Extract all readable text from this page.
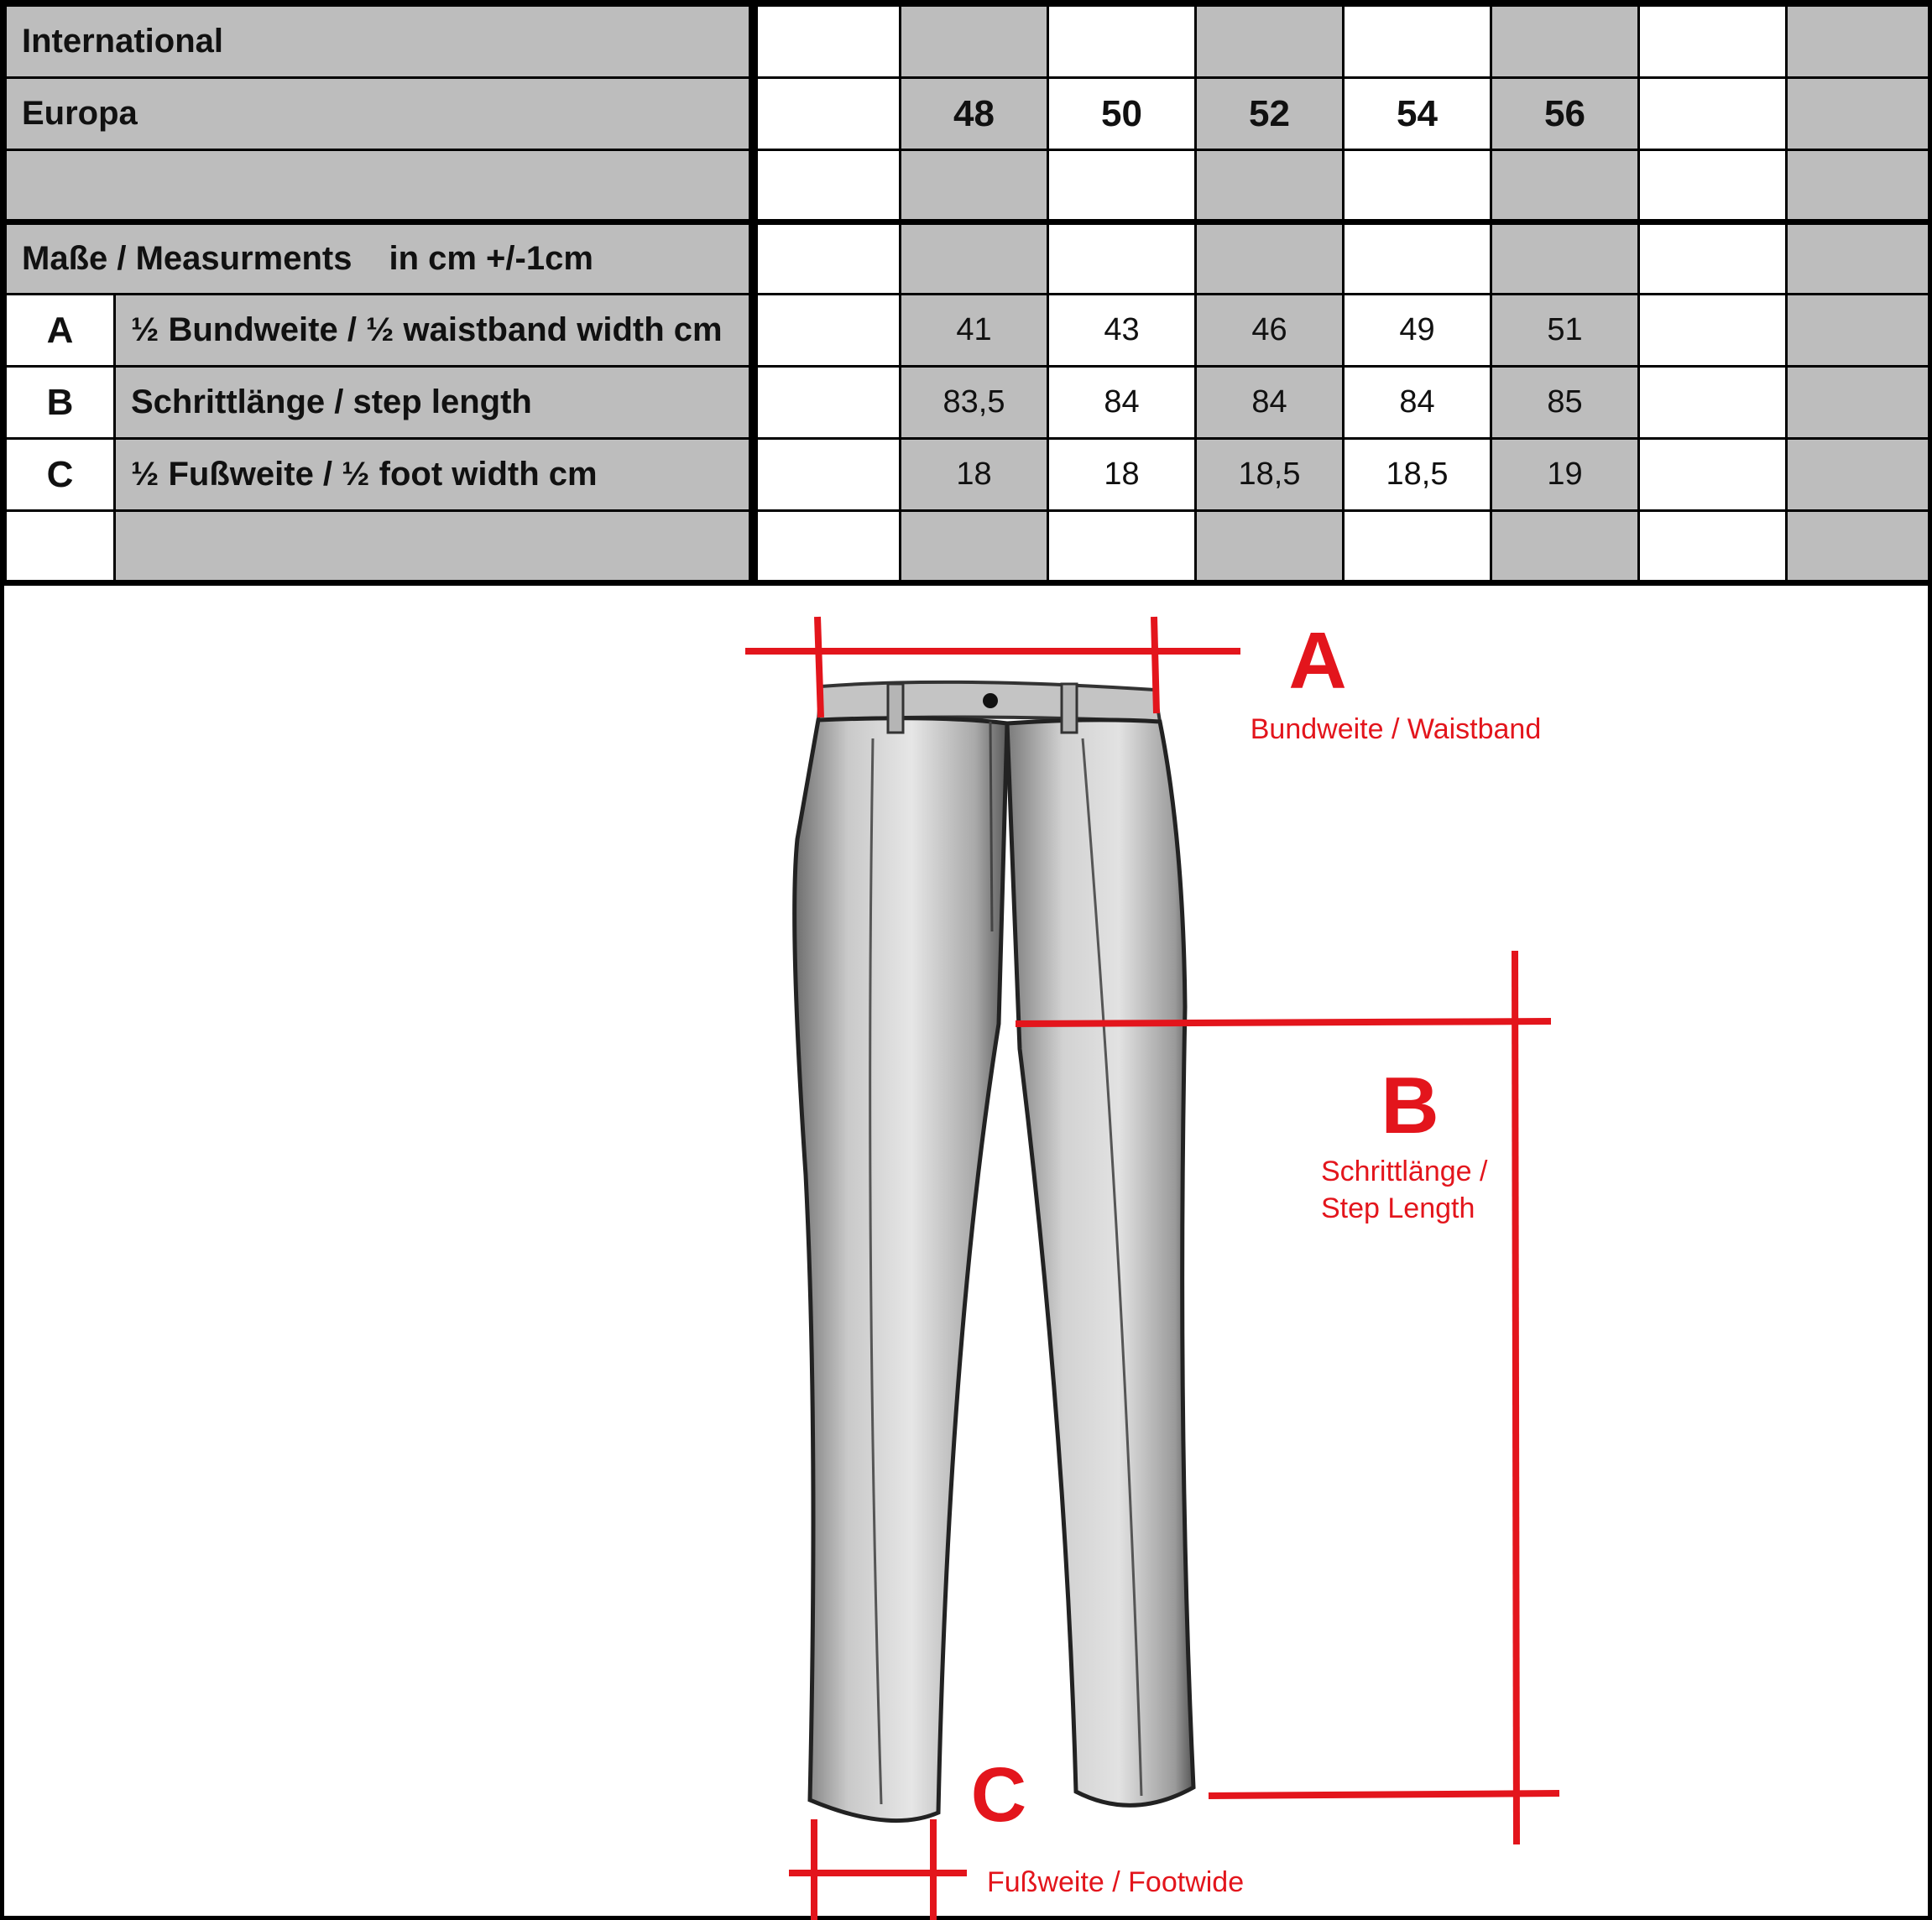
International										
Europa				48	50	52	54	56		

Maße / Measurments in cm +/-1cm										
A	½ Bundweite / ½ waistband width cm			41	43	46	49	51		
B	Schrittlänge / step length			83,5	84	84	84	85		
C	½ Fußweite / ½ foot width cm			18	18	18,5	18,5	19		

A
Bundweite / Waistband
B
Schrittlänge /
Step Length
C
Fußweite / Footwide
